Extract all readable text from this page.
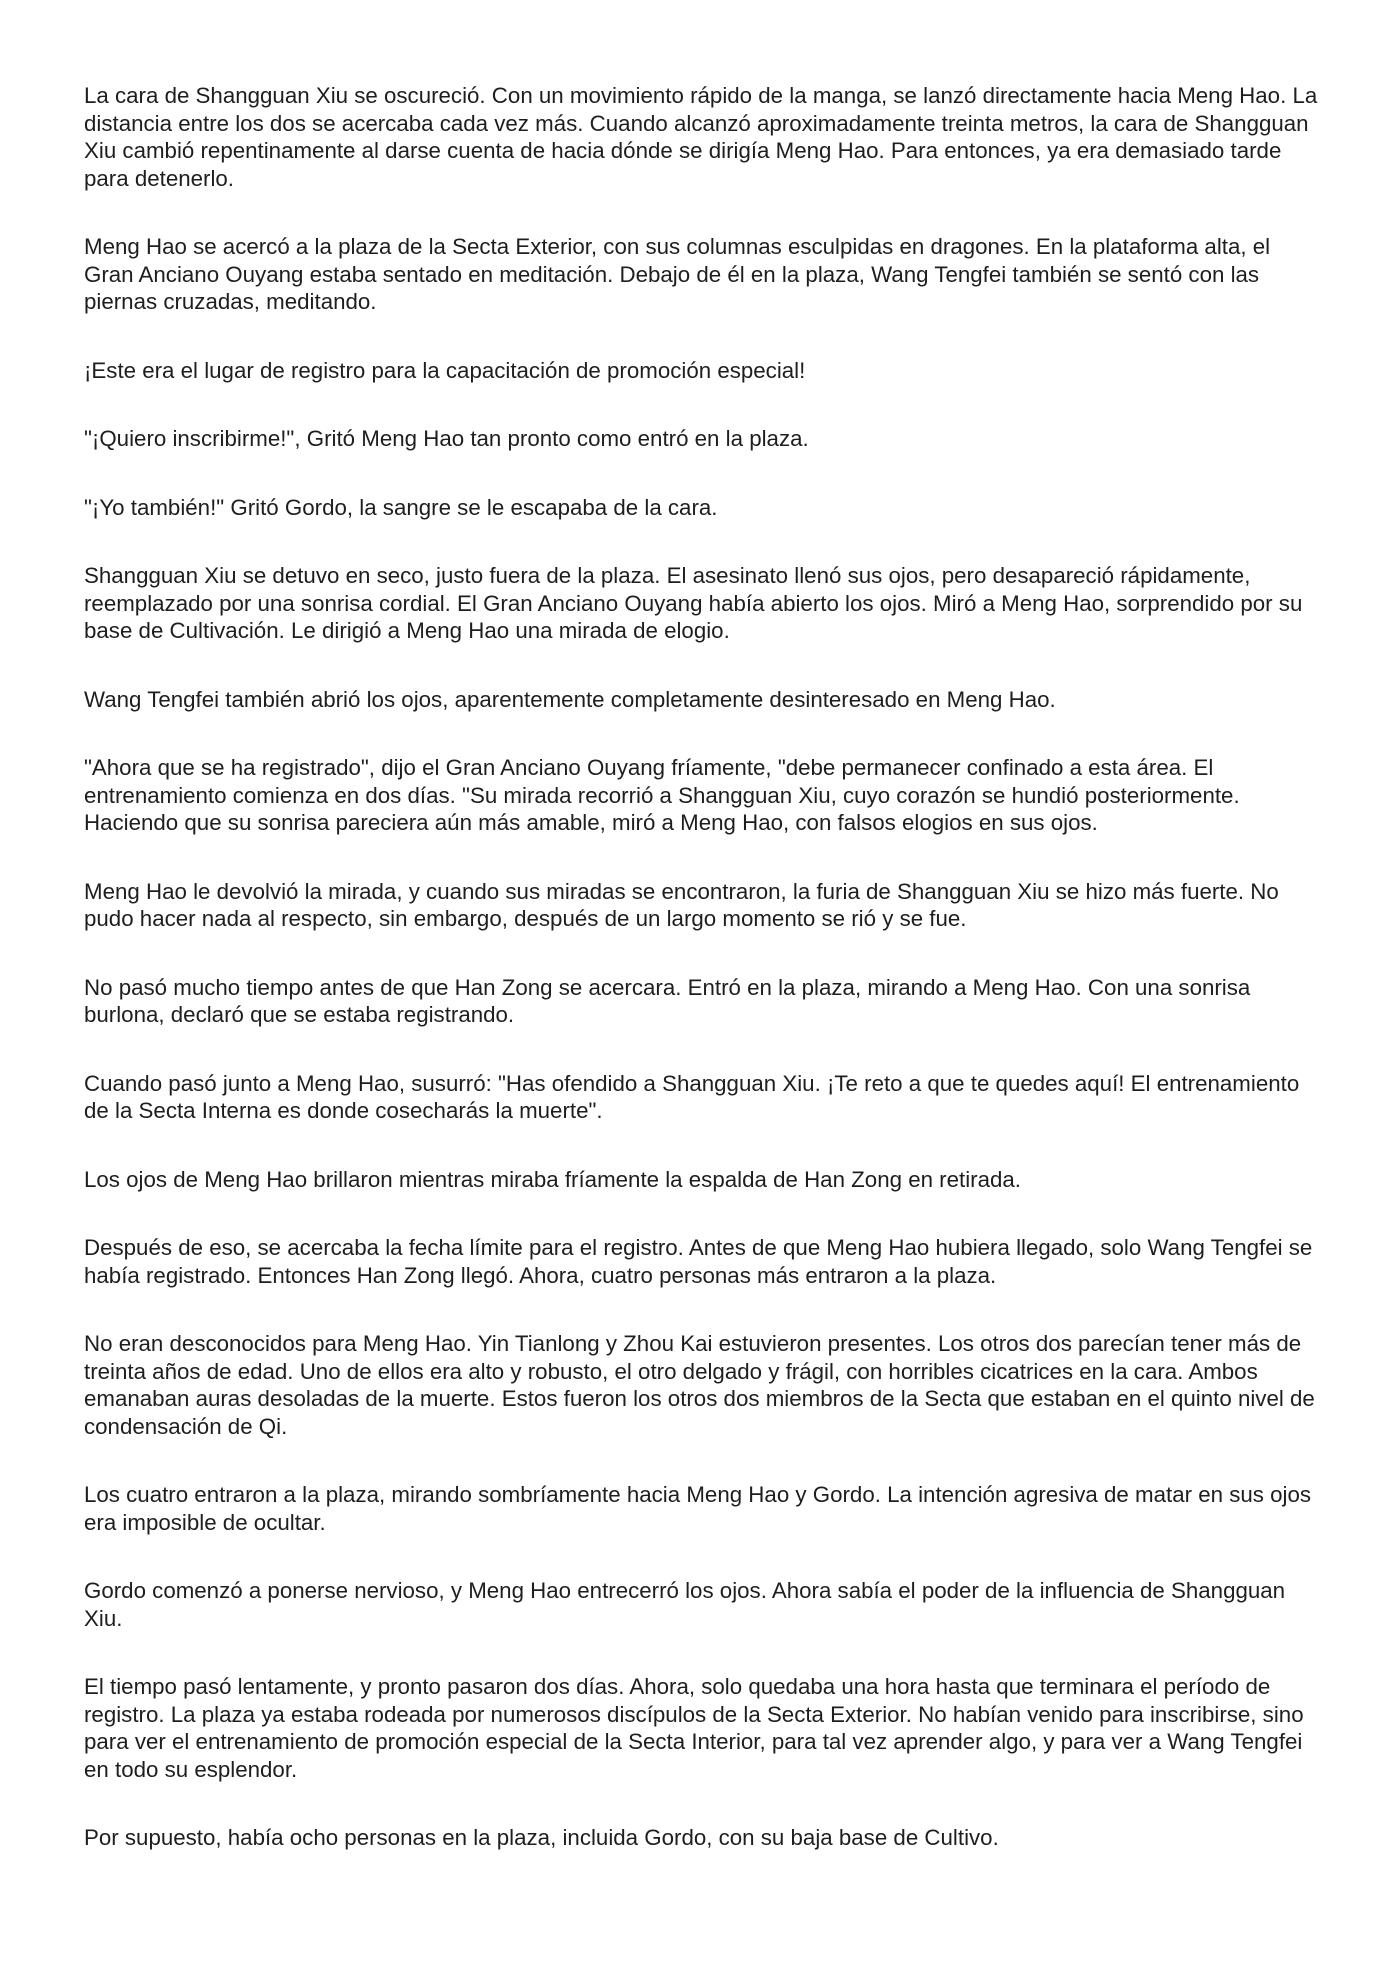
La cara de Shangguan Xiu se oscureció. Con un movimiento rápido de la manga, se lanzó directamente hacia Meng Hao. La distancia entre los dos se acercaba cada vez más. Cuando alcanzó aproximadamente treinta metros, la cara de Shangguan Xiu cambió repentinamente al darse cuenta de hacia dónde se dirigía Meng Hao. Para entonces, ya era demasiado tarde para detenerlo.

Meng Hao se acercó a la plaza de la Secta Exterior, con sus columnas esculpidas en dragones. En la plataforma alta, el Gran Anciano Ouyang estaba sentado en meditación. Debajo de él en la plaza, Wang Tengfei también se sentó con las piernas cruzadas, meditando.

¡Este era el lugar de registro para la capacitación de promoción especial!

"¡Quiero inscribirme!", Gritó Meng Hao tan pronto como entró en la plaza.

"¡Yo también!" Gritó Gordo, la sangre se le escapaba de la cara.

Shangguan Xiu se detuvo en seco, justo fuera de la plaza. El asesinato llenó sus ojos, pero desapareció rápidamente, reemplazado por una sonrisa cordial. El Gran Anciano Ouyang había abierto los ojos. Miró a Meng Hao, sorprendido por su base de Cultivación. Le dirigió a Meng Hao una mirada de elogio.

Wang Tengfei también abrió los ojos, aparentemente completamente desinteresado en Meng Hao.

"Ahora que se ha registrado", dijo el Gran Anciano Ouyang fríamente, "debe permanecer confinado a esta área. El entrenamiento comienza en dos días. "Su mirada recorrió a Shangguan Xiu, cuyo corazón se hundió posteriormente. Haciendo que su sonrisa pareciera aún más amable, miró a Meng Hao, con falsos elogios en sus ojos.

Meng Hao le devolvió la mirada, y cuando sus miradas se encontraron, la furia de Shangguan Xiu se hizo más fuerte. No pudo hacer nada al respecto, sin embargo, después de un largo momento se rió y se fue.

No pasó mucho tiempo antes de que Han Zong se acercara. Entró en la plaza, mirando a Meng Hao. Con una sonrisa burlona, declaró que se estaba registrando.

Cuando pasó junto a Meng Hao, susurró: "Has ofendido a Shangguan Xiu. ¡Te reto a que te quedes aquí! El entrenamiento de la Secta Interna es donde cosecharás la muerte".

Los ojos de Meng Hao brillaron mientras miraba fríamente la espalda de Han Zong en retirada.

Después de eso, se acercaba la fecha límite para el registro. Antes de que Meng Hao hubiera llegado, solo Wang Tengfei se había registrado. Entonces Han Zong llegó. Ahora, cuatro personas más entraron a la plaza.

No eran desconocidos para Meng Hao. Yin Tianlong y Zhou Kai estuvieron presentes. Los otros dos parecían tener más de treinta años de edad. Uno de ellos era alto y robusto, el otro delgado y frágil, con horribles cicatrices en la cara. Ambos emanaban auras desoladas de la muerte. Estos fueron los otros dos miembros de la Secta que estaban en el quinto nivel de condensación de Qi.

Los cuatro entraron a la plaza, mirando sombríamente hacia Meng Hao y Gordo. La intención agresiva de matar en sus ojos era imposible de ocultar.

Gordo comenzó a ponerse nervioso, y Meng Hao entrecerró los ojos. Ahora sabía el poder de la influencia de Shangguan Xiu.

El tiempo pasó lentamente, y pronto pasaron dos días. Ahora, solo quedaba una hora hasta que terminara el período de registro. La plaza ya estaba rodeada por numerosos discípulos de la Secta Exterior. No habían venido para inscribirse, sino para ver el entrenamiento de promoción especial de la Secta Interior, para tal vez aprender algo, y para ver a Wang Tengfei en todo su esplendor.

Por supuesto, había ocho personas en la plaza, incluida Gordo, con su baja base de Cultivo.
